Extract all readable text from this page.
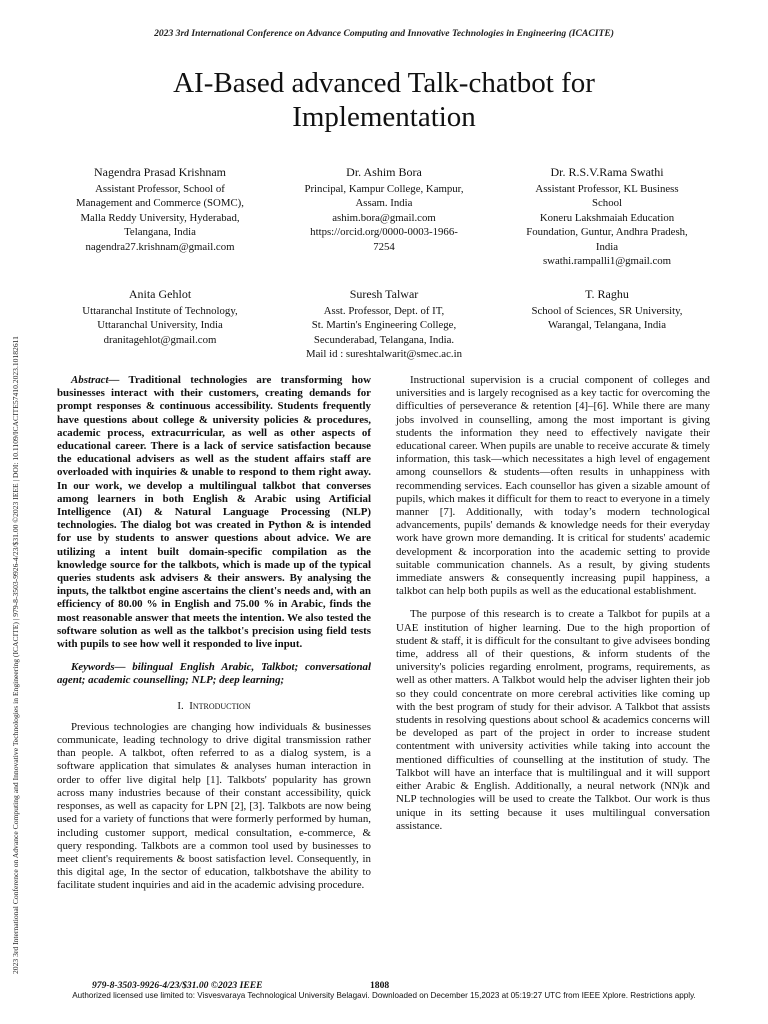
2023 3rd International Conference on Advance Computing and Innovative Technologies in Engineering (ICACITE)
AI-Based advanced Talk-chatbot for
Implementation
Nagendra Prasad Krishnam
Assistant Professor, School of
Management and Commerce (SOMC),
Malla Reddy University, Hyderabad,
Telangana, India
nagendra27.krishnam@gmail.com
Dr. Ashim Bora
Principal, Kampur College, Kampur,
Assam. India
ashim.bora@gmail.com
https://orcid.org/0000-0003-1966-
7254
Dr. R.S.V.Rama Swathi
Assistant Professor, KL Business
School
Koneru Lakshmaiah Education
Foundation, Guntur, Andhra Pradesh,
India
swathi.rampalli1@gmail.com
Anita Gehlot
Uttaranchal Institute of Technology,
Uttaranchal University, India
dranitagehlot@gmail.com
Suresh Talwar
Asst. Professor, Dept. of IT,
St. Martin's Engineering College,
Secunderabad, Telangana, India.
Mail id : sureshtalwarit@smec.ac.in
T. Raghu
School of Sciences, SR University,
Warangal, Telangana, India
2023 3rd International Conference on Advance Computing and Innovative Technologies in Engineering (ICACITE) | 979-8-3503-9926-4/23/$31.00 ©2023 IEEE | DOI: 10.1109/ICACITE57410.2023.10182611	Abstract— Traditional technologies are transforming how businesses interact with their customers, creating demands for prompt responses & continuous accessibility. Students frequently have questions about college & university policies & procedures, academic process, extracurricular, as well as other aspects of educational career. There is a lack of service satisfaction because the educational advisers as well as the student affairs staff are overloaded with inquiries & unable to respond to them right away. In our work, we develop a multilingual talkbot that converses among learners in both English & Arabic using Artificial Intelligence (AI) & Natural Language Processing (NLP) technologies. The dialog bot was created in Python & is intended for use by students to answer questions about advice. We are utilizing a intent built domain-specific compilation as the knowledge source for the talkbots, which is made up of the typical queries students ask advisers & their answers. By analysing the inputs, the talktbot engine ascertains the client's needs and, with an efficiency of 80.00 % in English and 75.00 % in Arabic, finds the most reasonable answer that meets the intention. We also tested the software solution as well as the talkbot's precision using field tests with pupils to see how well it responded to live input.

Keywords— bilingual English Arabic, Talkbot; conversational agent; academic counselling; NLP; deep learning;

I. Introduction

Previous technologies are changing how individuals & businesses communicate, leading technology to drive digital transmission rather than people. A talkbot, often referred to as a dialog system, is a software application that simulates & analyses human interaction in order to offer live digital help [1]. Talkbots' popularity has grown across many industries because of their constant accessibility, quick responses, as well as capacity for LPN [2], [3]. Talkbots are now being used for a variety of functions that were formerly performed by human, including customer support, medical consultation, e-commerce, & query responding. Talkbots are a common tool used by businesses to meet client's requirements & boost satisfaction level. Consequently, in this digital age, In the sector of education, talkbotshave the ability to facilitate student inquiries and aid in the academic advising procedure.

Instructional supervision is a crucial component of colleges and universities and is largely recognised as a key tactic for overcoming the difficulties of perseverance & retention [4]–[6]. While there are many jobs involved in counselling, among the most important is giving students the information they need to effectively navigate their educational career. When pupils are unable to receive accurate & timely information, this task—which necessitates a high level of engagement among counsellors & students—often results in unhappiness with recommending services. Each counsellor has given a sizable amount of pupils, which makes it difficult for them to react to everyone in a timely manner [7]. Additionally, with today’s modern technological advancements, pupils' demands & knowledge needs for their everyday work have grown more demanding. It is critical for students' academic development & incorporation into the academic setting to provide suitable communication channels. As a result, by giving students immediate answers & consequently increasing pupil happiness, a talkbot can help both pupils as well as the educational establishment.

The purpose of this research is to create a Talkbot for pupils at a UAE institution of higher learning. Due to the high proportion of student & staff, it is difficult for the consultant to give advisees bonding time, address all of their questions, & inform students of the university's policies regarding enrolment, programs, requirements, as well as other matters. A Talkbot would help the adviser lighten their job so they could concentrate on more cerebral activities like coming up with the best program of study for their advisor. A Talkbot that assists students in resolving questions about school & academics concerns will be developed as part of the project in order to increase student contentment with university activities while taking into account the mentioned difficulties of counselling at the institution of study. The Talkbot will have an interface that is multilingual and it will support either Arabic & English. Additionally, a neural network (NN)k and NLP technologies will be used to create the Talkbot. Our work is thus unique in its setting because it uses multilingual conversation assistance.

979-8-3503-9926-4/23/$31.00 ©2023 IEEE	1808
Authorized licensed use limited to: Visvesvaraya Technological University Belagavi. Downloaded on December 15,2023 at 05:19:27 UTC from IEEE Xplore. Restrictions apply.
